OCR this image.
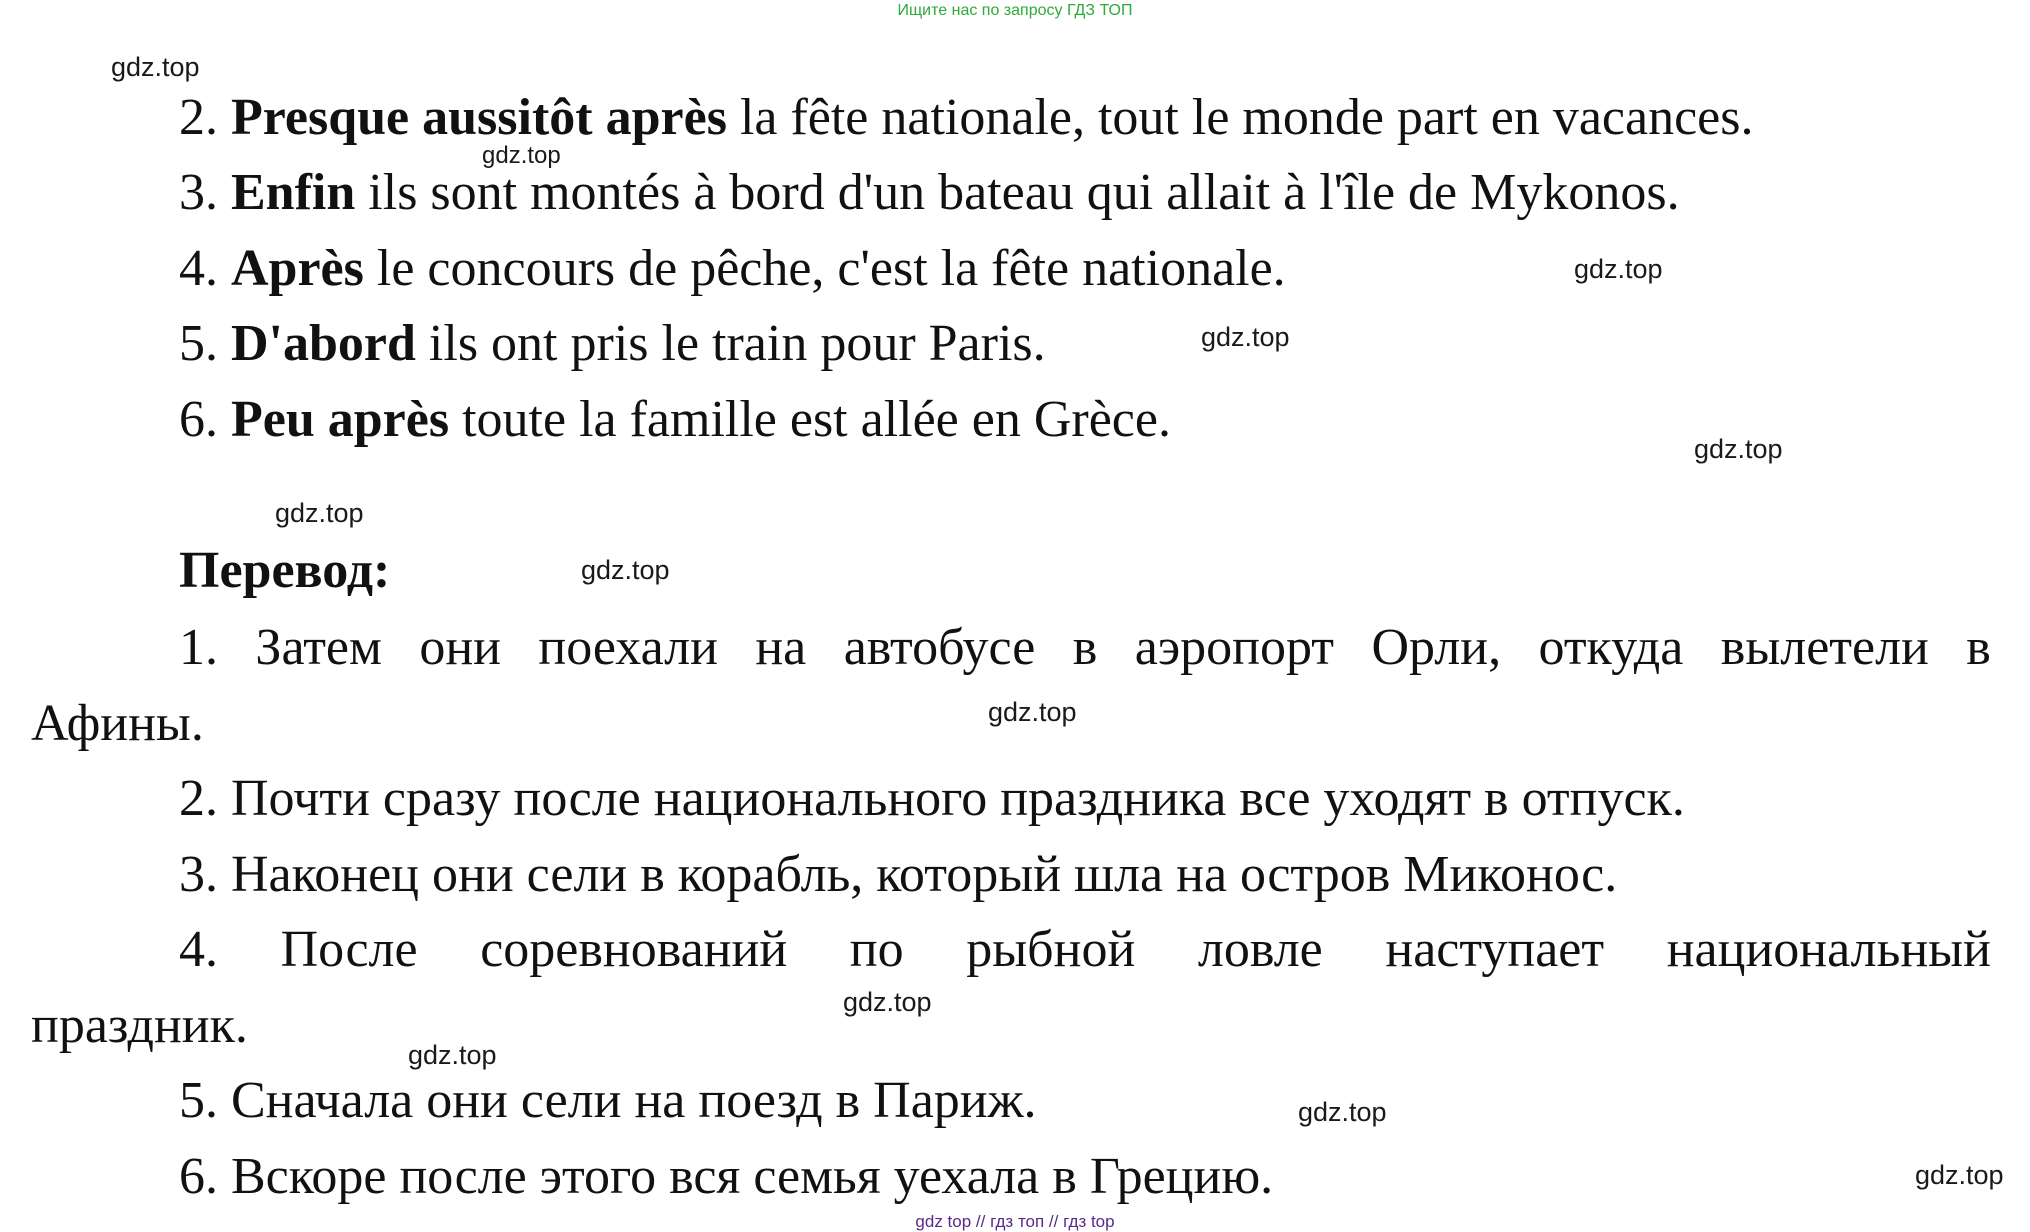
Ищите нас по запросу ГДЗ ТОП
gdz.top
gdz.top
gdz.top
gdz.top
gdz.top
gdz.top
gdz.top
gdz.top
gdz.top
gdz.top
gdz.top
gdz.top
2. Presque aussitôt après la fête nationale, tout le monde part en vacances.
3. Enfin ils sont montés à bord d'un bateau qui allait à l'île de Mykonos.
4. Après le concours de pêche, c'est la fête nationale.
5. D'abord ils ont pris le train pour Paris.
6. Peu après toute la famille est allée en Grèce.
Перевод:
1. Затем они поехали на автобусе в аэропорт Орли, откуда вылетели в
Афины.
2. Почти сразу после национального праздника все уходят в отпуск.
3. Наконец они сели в корабль, который шла на остров Миконос.
4. После соревнований по рыбной ловле наступает национальный
праздник.
5. Сначала они сели на поезд в Париж.
6. Вскоре после этого вся семья уехала в Грецию.
gdz top // гдз топ // гдз top
